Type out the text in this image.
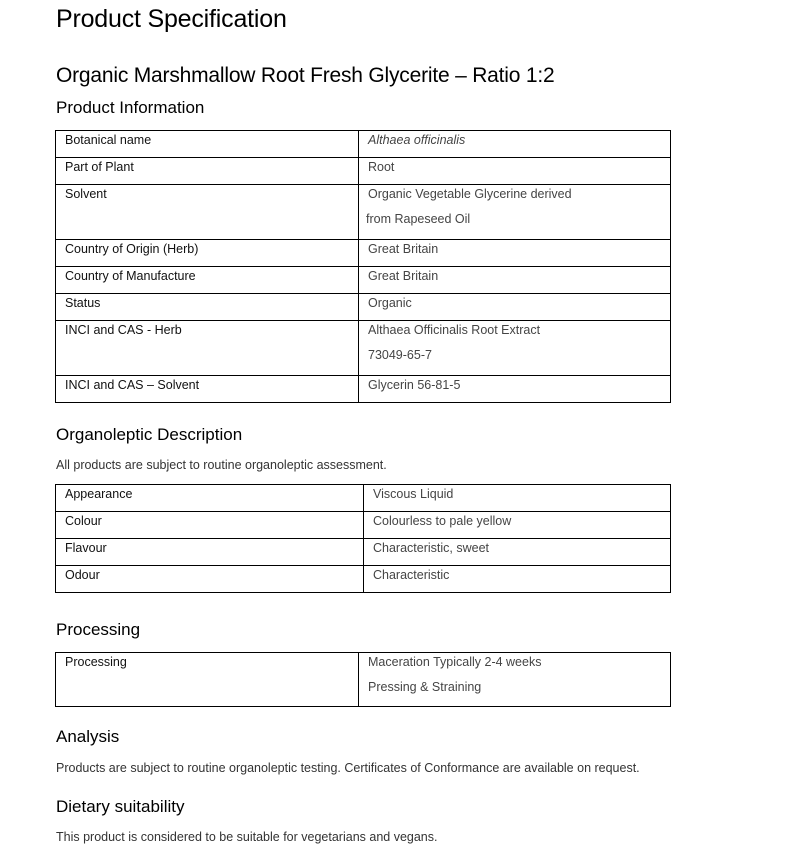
Product Specification
Organic Marshmallow Root Fresh Glycerite – Ratio 1:2
Product Information
Botanical name	Althaea officinalis

Part of Plant	Root

Solvent	Organic Vegetable Glycerine derived
from Rapeseed Oil

Country of Origin (Herb)	Great Britain

Country of Manufacture	Great Britain

Status	Organic

INCI and CAS - Herb	Althaea Officinalis Root Extract
73049-65-7

INCI and CAS – Solvent	Glycerin 56-81-5
Organoleptic Description
All products are subject to routine organoleptic assessment.
Appearance	Viscous Liquid

Colour	Colourless to pale yellow

Flavour	Characteristic, sweet

Odour	Characteristic
Processing
Processing	Maceration Typically 2-4 weeks
Pressing & Straining
Analysis
Products are subject to routine organoleptic testing. Certificates of Conformance are available on request.
Dietary suitability
This product is considered to be suitable for vegetarians and vegans.
